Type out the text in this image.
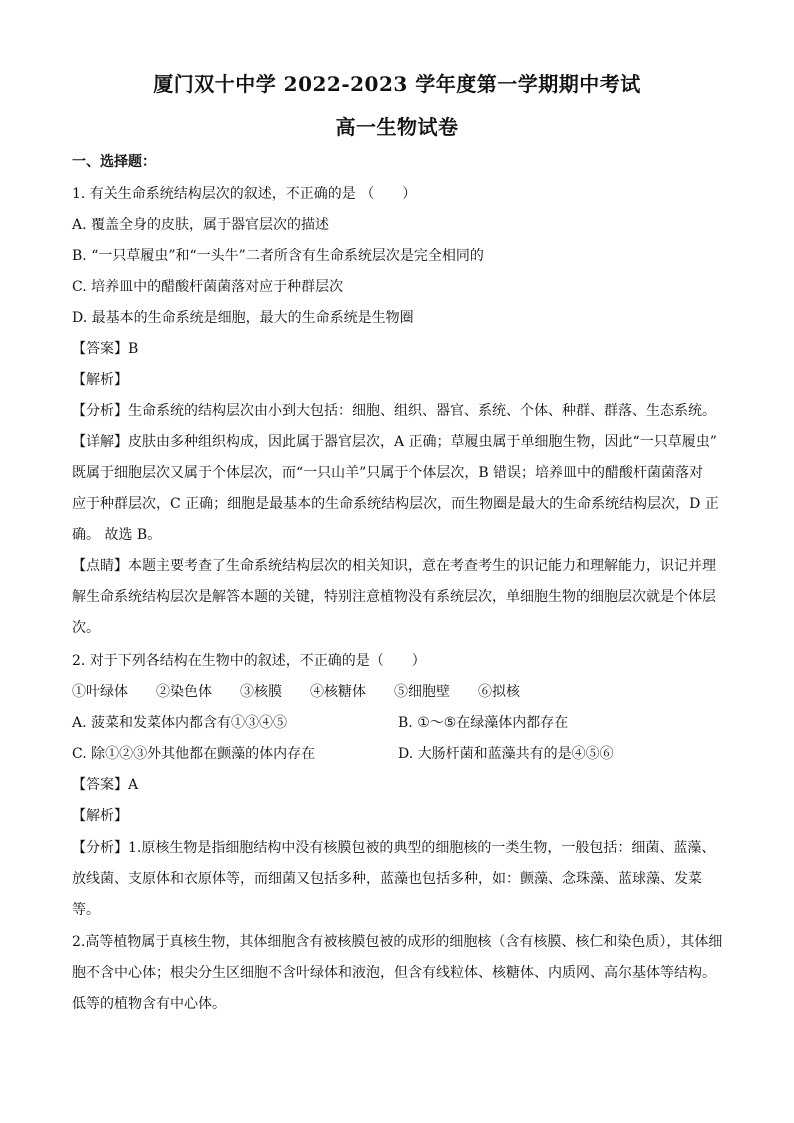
厦门双十中学 2022-2023 学年度第一学期期中考试
高一生物试卷
一、选择题：
1. 有关生命系统结构层次的叙述，不正确的是 （　　）
A. 覆盖全身的皮肤，属于器官层次的描述
B. “一只草履虫”和“一头牛”二者所含有生命系统层次是完全相同的
C. 培养皿中的醋酸杆菌菌落对应于种群层次
D. 最基本的生命系统是细胞，最大的生命系统是生物圈
【答案】B
【解析】
【分析】生命系统的结构层次由小到大包括：细胞、组织、器官、系统、个体、种群、群落、生态系统。
【详解】皮肤由多种组织构成，因此属于器官层次，A 正确；草履虫属于单细胞生物，因此“一只草履虫”
既属于细胞层次又属于个体层次，而“一只山羊”只属于个体层次，B 错误；培养皿中的醋酸杆菌菌落对
应于种群层次，C 正确；细胞是最基本的生命系统结构层次，而生物圈是最大的生命系统结构层次，D 正
确。 故选 B。
【点睛】本题主要考查了生命系统结构层次的相关知识，意在考查考生的识记能力和理解能力，识记并理
解生命系统结构层次是解答本题的关键，特别注意植物没有系统层次，单细胞生物的细胞层次就是个体层
次。
2. 对于下列各结构在生物中的叙述，不正确的是（　　）
①叶绿体　　②染色体　　③核膜　　④核糖体　　⑤细胞壁　　⑥拟核
A. 菠菜和发菜体内都含有①③④⑤	B. ①～⑤在绿藻体内都存在
C. 除①②③外其他都在颤藻的体内存在	D. 大肠杆菌和蓝藻共有的是④⑤⑥
【答案】A
【解析】
【分析】1.原核生物是指细胞结构中没有核膜包被的典型的细胞核的一类生物，一般包括：细菌、蓝藻、
放线菌、支原体和衣原体等，而细菌又包括多种，蓝藻也包括多种，如：颤藻、念珠藻、蓝球藻、发菜
等。
2.高等植物属于真核生物，其体细胞含有被核膜包被的成形的细胞核（含有核膜、核仁和染色质），其体细
胞不含中心体；根尖分生区细胞不含叶绿体和液泡，但含有线粒体、核糖体、内质网、高尔基体等结构。
低等的植物含有中心体。
